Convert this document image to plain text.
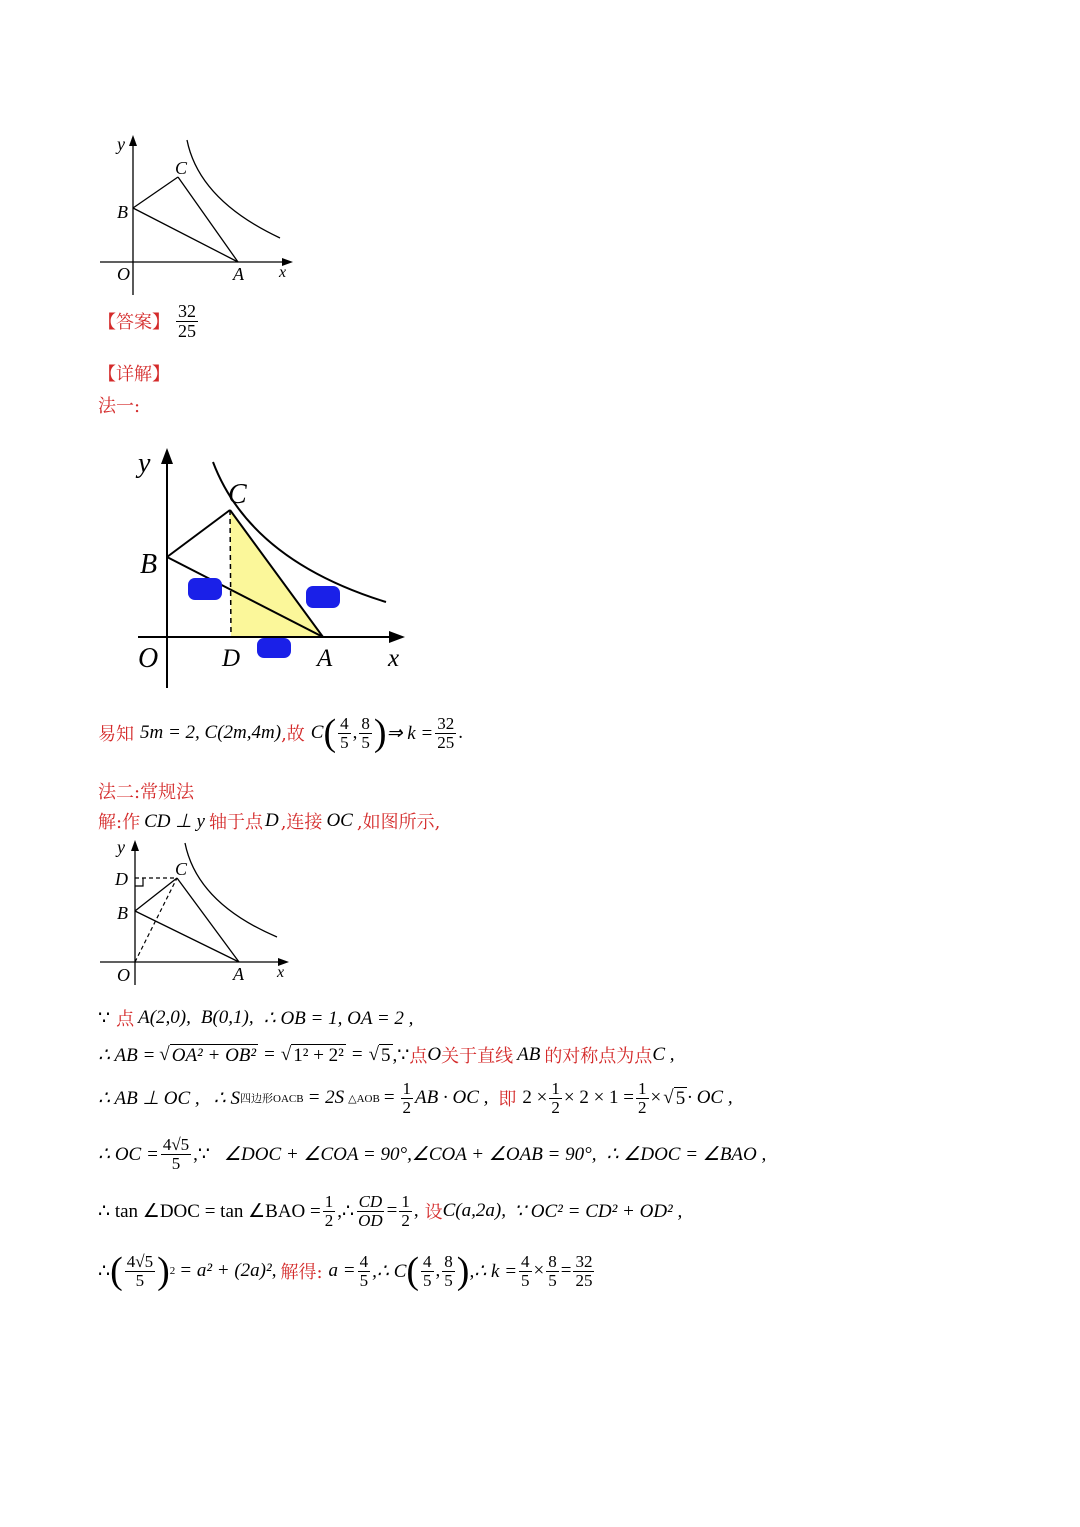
y
C
B
O	A x
【答案】 $\frac{32}{25}$
【详解】
法一:
y
C
B
O	D	A x
易知 5m = 2, C(2m,4m) ,故 C ( $\frac{4}{5}$ , $\frac{8}{5}$ ) ⇒ $k = \frac{32}{25}$ .
法二:常规法
解:作 CD ⊥ y 轴于点 D ,连接 OC ,如图所示,
y
C
D
B
O	A x
∵ 点 A(2,0), B(0,1), ∴ OB = 1, OA = 2 ,
∴ AB = √ OA² + OB² = √ 1² + 2² = √ 5 ,∵ 点 O 关于直线 AB 的对称点为点 C ,
∴ AB ⊥ OC , ∴ S 四边形OACB = 2S △AOB = $\frac{1}{2}$ AB · OC , 即 $2 \times \frac{1}{2} \times 2 \times 1 = \frac{1}{2}$ × √ 5 · OC ,
∴ OC = $\frac{4√5}{5}$ ,∵ ∠DOC + ∠COA = 90°,∠COA + ∠OAB = 90°, ∴ ∠DOC = ∠BAO ,
∴ tan ∠DOC = tan ∠BAO = $\frac{1}{2}$ ,∴ $\frac{CD}{OD} = \frac{1}{2}$ , 设 C(a,2a), ∵ OC² = CD² + OD² ,
∴ ( $\frac{4√5}{5}$ ) 2 = a² + (2a)² , 解得: $a = \frac{4}{5}$ ,∴ C ( $\frac{4}{5}$ , $\frac{8}{5}$ ) ,∴ $k = \frac{4}{5} \times \frac{8}{5} = \frac{32}{25}$
